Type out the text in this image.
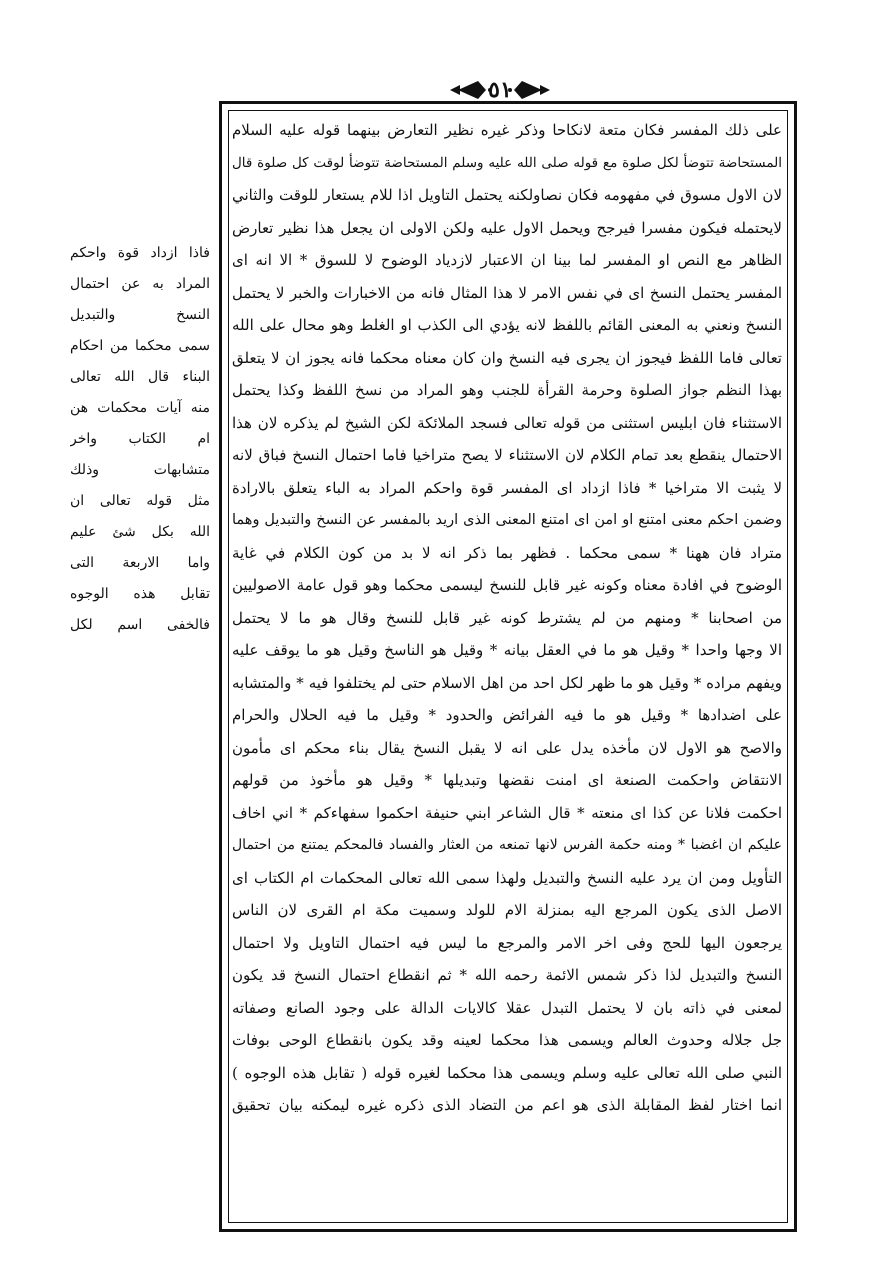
٥١
على ذلك المفسر فكان متعة لانكاحا وذكر غيره نظير التعارض بينهما قوله عليه السلام
المستحاضة تتوضأ لكل صلوة مع قوله صلى الله عليه وسلم المستحاضة تتوضأ لوقت كل صلوة قال
لان الاول مسوق في مفهومه فكان نصاولكنه يحتمل التاويل اذا للام يستعار للوقت والثاني
لايحتمله فيكون مفسرا فيرجح ويحمل الاول عليه ولكن الاولى ان يجعل هذا نظير تعارض
الظاهر مع النص او المفسر لما بينا ان الاعتبار لازدياد الوضوح لا للسوق * الا انه اى
المفسر يحتمل النسخ اى في نفس الامر لا هذا المثال فانه من الاخبارات والخبر لا يحتمل
النسخ ونعني به المعنى القائم باللفظ لانه يؤدي الى الكذب او الغلط وهو محال على الله
تعالى فاما اللفظ فيجوز ان يجرى فيه النسخ وان كان معناه محكما فانه يجوز ان لا يتعلق
بهذا النظم جواز الصلوة وحرمة القرأة للجنب وهو المراد من نسخ اللفظ وكذا يحتمل
الاستثناء فان ابليس استثنى من قوله تعالى فسجد الملائكة لكن الشيخ لم يذكره لان هذا
الاحتمال ينقطع بعد تمام الكلام لان الاستثناء لا يصح متراخيا فاما احتمال النسخ فباق لانه
لا يثبت الا متراخيا * فاذا ازداد اى المفسر قوة واحكم المراد به الباء يتعلق بالارادة
وضمن احكم معنى امتنع او امن اى امتنع المعنى الذى اريد بالمفسر عن النسخ والتبديل وهما
متراد فان ههنا * سمى محكما . فظهر بما ذكر انه لا بد من كون الكلام في غاية
الوضوح في افادة معناه وكونه غير قابل للنسخ ليسمى محكما وهو قول عامة الاصوليين
من اصحابنا * ومنهم من لم يشترط كونه غير قابل للنسخ وقال هو ما لا يحتمل
الا وجها واحدا * وقيل هو ما في العقل بيانه * وقيل هو الناسخ وقيل هو ما يوقف عليه
ويفهم مراده * وقيل هو ما ظهر لكل احد من اهل الاسلام حتى لم يختلفوا فيه * والمتشابه
على اضدادها * وقيل هو ما فيه الفرائض والحدود * وقيل ما فيه الحلال والحرام
والاصح هو الاول لان مأخذه يدل على انه لا يقبل النسخ يقال بناء محكم اى مأمون
الانتقاض واحكمت الصنعة اى امنت نقضها وتبديلها * وقيل هو مأخوذ من قولهم
احكمت فلانا عن كذا اى منعته * قال الشاعر ابني حنيفة احكموا سفهاءكم * اني اخاف
عليكم ان اغضبا * ومنه حكمة الفرس لانها تمنعه من العثار والفساد فالمحكم يمتنع من احتمال
التأويل ومن ان يرد عليه النسخ والتبديل ولهذا سمى الله تعالى المحكمات ام الكتاب اى
الاصل الذى يكون المرجع اليه بمنزلة الام للولد وسميت مكة ام القرى لان الناس
يرجعون اليها للحج وفى اخر الامر والمرجع ما ليس فيه احتمال التاويل ولا احتمال
النسخ والتبديل لذا ذكر شمس الائمة رحمه الله * ثم انقطاع احتمال النسخ قد يكون
لمعنى في ذاته بان لا يحتمل التبدل عقلا كالايات الدالة على وجود الصانع وصفاته
جل جلاله وحدوث العالم ويسمى هذا محكما لعينه وقد يكون بانقطاع الوحى بوفات
النبي صلى الله تعالى عليه وسلم ويسمى هذا محكما لغيره قوله ( تقابل هذه الوجوه )
انما اختار لفظ المقابلة الذى هو اعم من التضاد الذى ذكره غيره ليمكنه بيان تحقيق
فاذا ازداد قوة واحكم
المراد به عن احتمال
النسخ والتبديل
سمى محكما من احكام
البناء قال الله تعالى
منه آيات محكمات هن
ام الكتاب واخر
متشابهات وذلك
مثل قوله تعالى ان
الله بكل شئ عليم
واما الاربعة التى
تقابل هذه الوجوه
فالخفى اسم لكل
